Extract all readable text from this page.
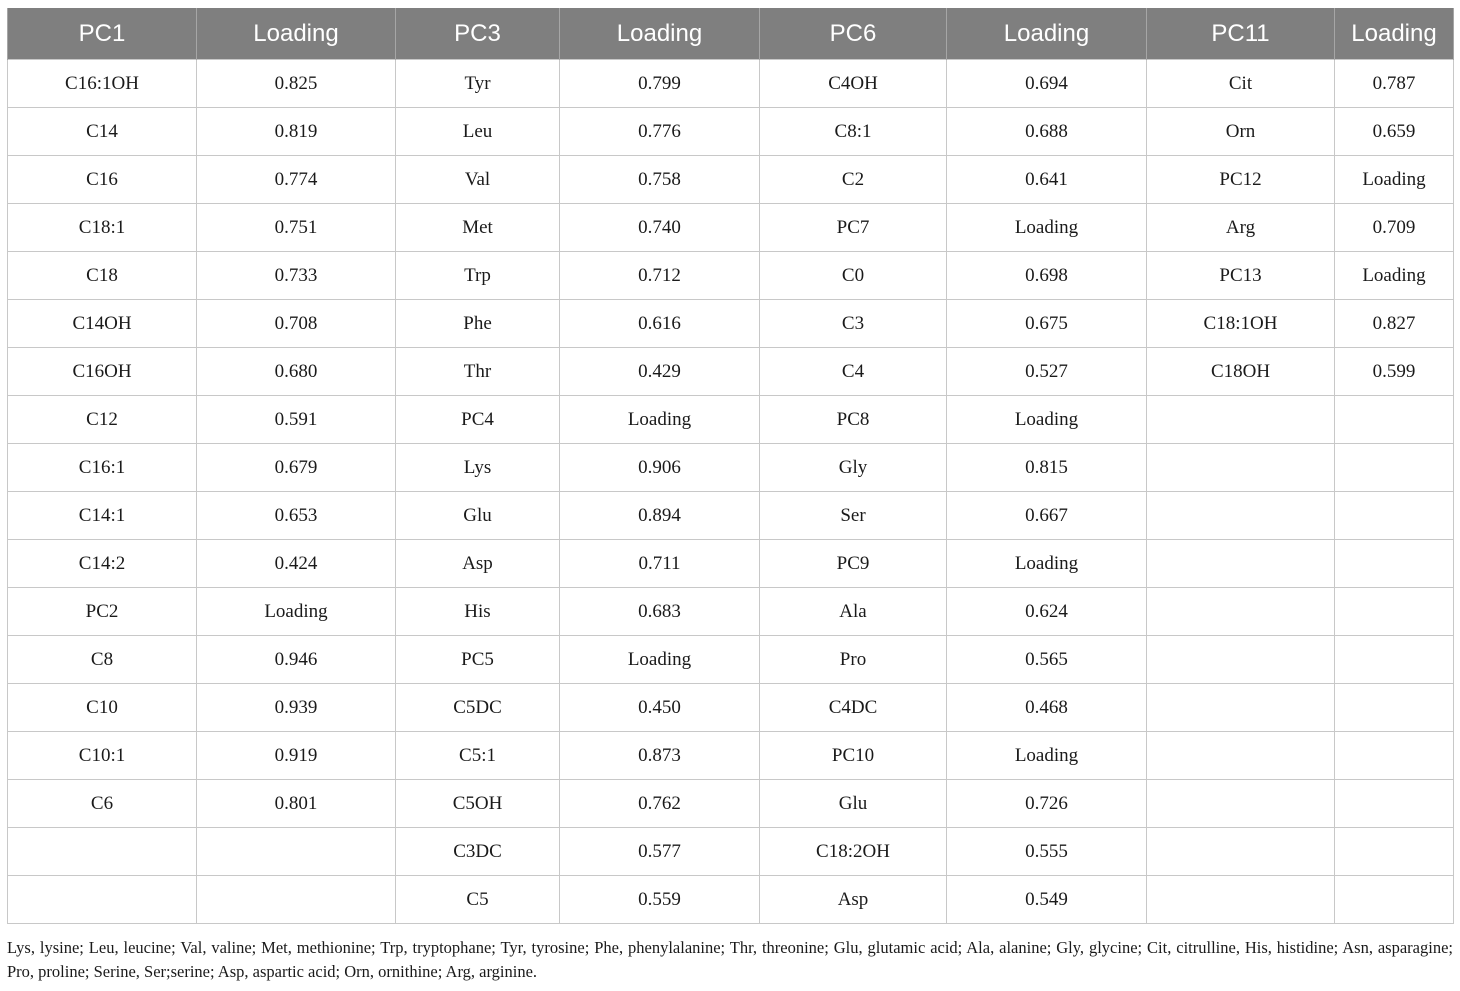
PC1	Loading	PC3	Loading	PC6	Loading	PC11	Loading
C16:1OH	0.825	Tyr	0.799	C4OH	0.694	Cit	0.787
C14	0.819	Leu	0.776	C8:1	0.688	Orn	0.659
C16	0.774	Val	0.758	C2	0.641	PC12	Loading
C18:1	0.751	Met	0.740	PC7	Loading	Arg	0.709
C18	0.733	Trp	0.712	C0	0.698	PC13	Loading
C14OH	0.708	Phe	0.616	C3	0.675	C18:1OH	0.827
C16OH	0.680	Thr	0.429	C4	0.527	C18OH	0.599
C12	0.591	PC4	Loading	PC8	Loading		
C16:1	0.679	Lys	0.906	Gly	0.815		
C14:1	0.653	Glu	0.894	Ser	0.667		
C14:2	0.424	Asp	0.711	PC9	Loading		
PC2	Loading	His	0.683	Ala	0.624		
C8	0.946	PC5	Loading	Pro	0.565		
C10	0.939	C5DC	0.450	C4DC	0.468		
C10:1	0.919	C5:1	0.873	PC10	Loading		
C6	0.801	C5OH	0.762	Glu	0.726		
		C3DC	0.577	C18:2OH	0.555		
		C5	0.559	Asp	0.549		
Lys, lysine; Leu, leucine; Val, valine; Met, methionine; Trp, tryptophane; Tyr, tyrosine; Phe, phenylalanine; Thr, threonine; Glu, glutamic acid; Ala, alanine; Gly, glycine; Cit, citrulline, His, histidine; Asn, asparagine; Pro, proline; Serine, Ser;serine; Asp, aspartic acid; Orn, ornithine; Arg, arginine.
